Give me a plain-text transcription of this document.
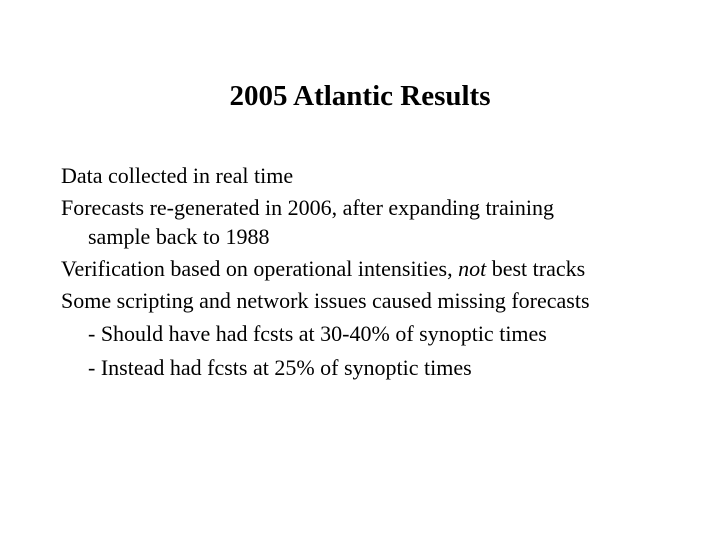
2005 Atlantic Results
Data collected in real time
Forecasts re-generated in 2006, after expanding training
sample back to 1988
Verification based on operational intensities, not best tracks
Some scripting and network issues caused missing forecasts
- Should have had fcsts at 30-40% of synoptic times
- Instead had fcsts at 25% of synoptic times
